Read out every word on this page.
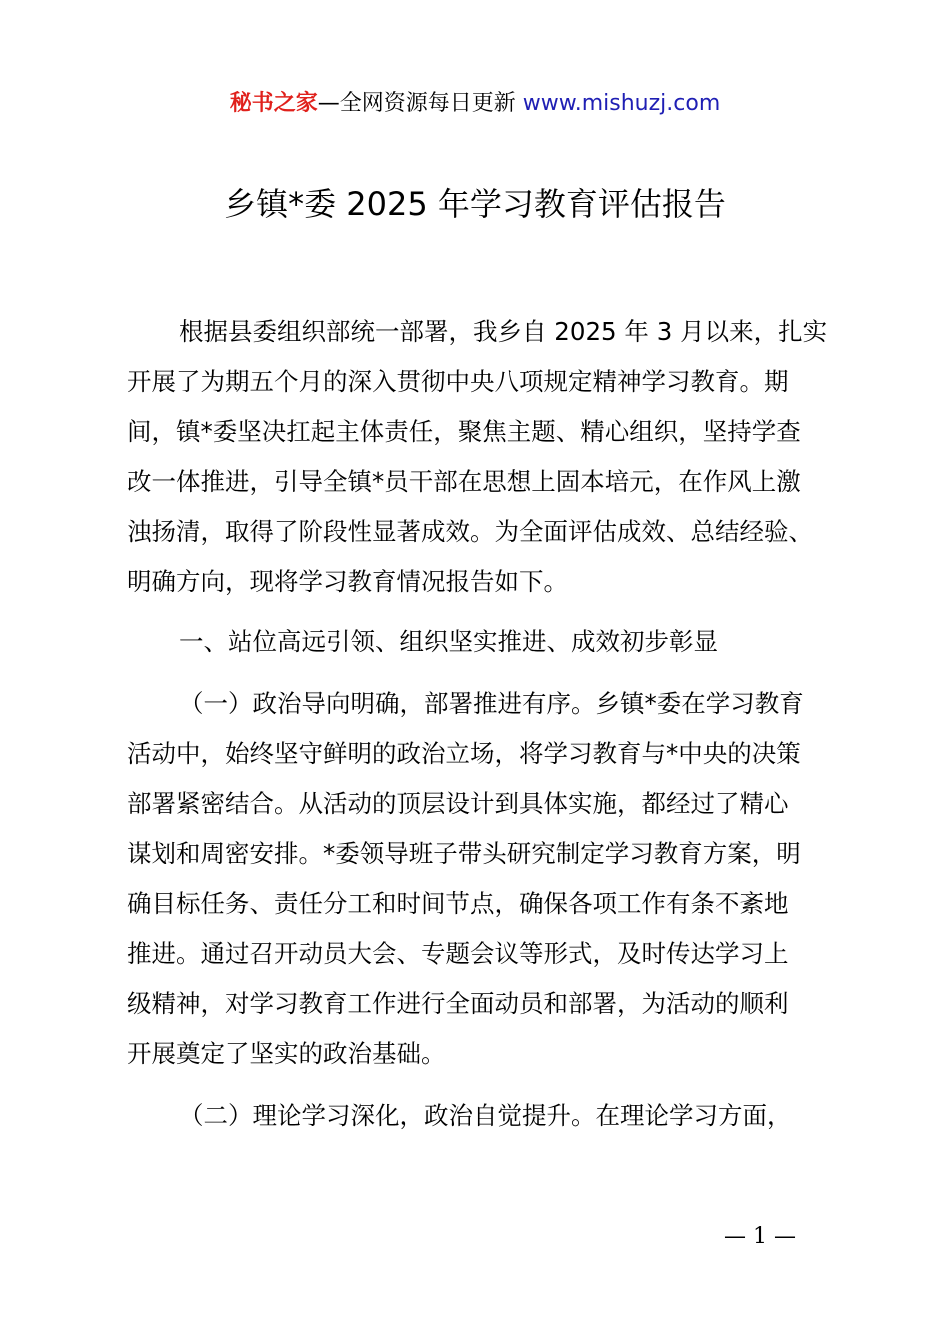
秘书之家—全网资源每日更新 www.mishuzj.com
乡镇*委 2025 年学习教育评估报告
根据县委组织部统一部署，我乡自 2025 年 3 月以来，扎实
开展了为期五个月的深入贯彻中央八项规定精神学习教育。期
间，镇*委坚决扛起主体责任，聚焦主题、精心组织，坚持学查
改一体推进，引导全镇*员干部在思想上固本培元，在作风上激
浊扬清，取得了阶段性显著成效。为全面评估成效、总结经验、
明确方向，现将学习教育情况报告如下。
一、站位高远引领、组织坚实推进、成效初步彰显
（一）政治导向明确，部署推进有序。乡镇*委在学习教育
活动中，始终坚守鲜明的政治立场，将学习教育与*中央的决策
部署紧密结合。从活动的顶层设计到具体实施，都经过了精心
谋划和周密安排。*委领导班子带头研究制定学习教育方案，明
确目标任务、责任分工和时间节点，确保各项工作有条不紊地
推进。通过召开动员大会、专题会议等形式，及时传达学习上
级精神，对学习教育工作进行全面动员和部署，为活动的顺利
开展奠定了坚实的政治基础。
（二）理论学习深化，政治自觉提升。在理论学习方面，
— 1 —
